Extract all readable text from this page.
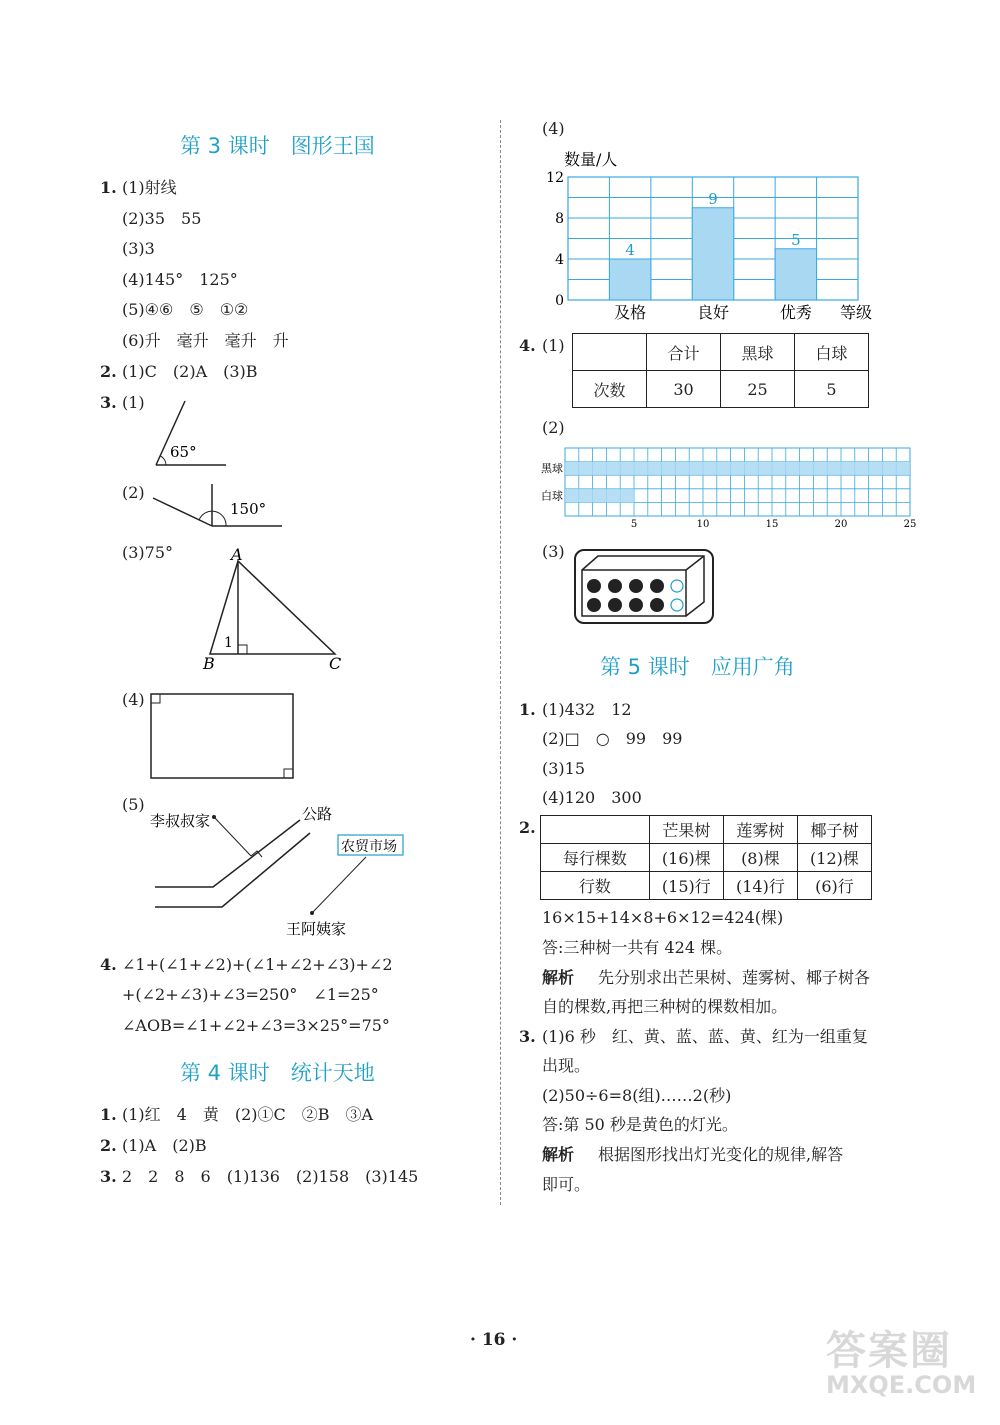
第 3 课时　图形王国
1. (1)射线
(2)35　55
(3)3
(4)145°　125°
(5)④⑥　⑤　①②
(6)升　毫升　毫升　升
2. (1)C　(2)A　(3)B
3. (1)
65°
(2)
150°
(3)75°	A
B	C
1
(4)
(5)
李叔叔家	公路
农贸市场
王阿姨家
4. ∠1+(∠1+∠2)+(∠1+∠2+∠3)+∠2
+(∠2+∠3)+∠3=250°　∠1=25°
∠AOB=∠1+∠2+∠3=3×25°=75°
第 4 课时　统计天地
1. (1)红　4　黄　(2)①C　②B　③A
2. (1)A　(2)B
3. 2　2　8　6　(1)136　(2)158　(3)145
(4)
4
9
5
0
4
8
12
及格	良好	优秀
数量/人
等级
4. (1)
		合计	黑球	白球
次数	30	25	5
(2)
黑球
白球
5	10	15	20	25
(3)
第 5 课时　应用广角
1. (1)432　12
(2)□　○　99　99
(3)15
(4)120　300
2.
		芒果树	莲雾树	椰子树
每行棵数	(16)棵	(8)棵	(12)棵
行数	(15)行	(14)行	(6)行
16×15+14×8+6×12=424(棵)
答:三种树一共有 424 棵。
解析 先分别求出芒果树、莲雾树、椰子树各
自的棵数,再把三种树的棵数相加。
3. (1)6 秒　红、黄、蓝、蓝、黄、红为一组重复
出现。
(2)50÷6=8(组)……2(秒)
答:第 50 秒是黄色的灯光。
解析 根据图形找出灯光变化的规律,解答
即可。
· 16 ·	答案圈
MXQE.COM
